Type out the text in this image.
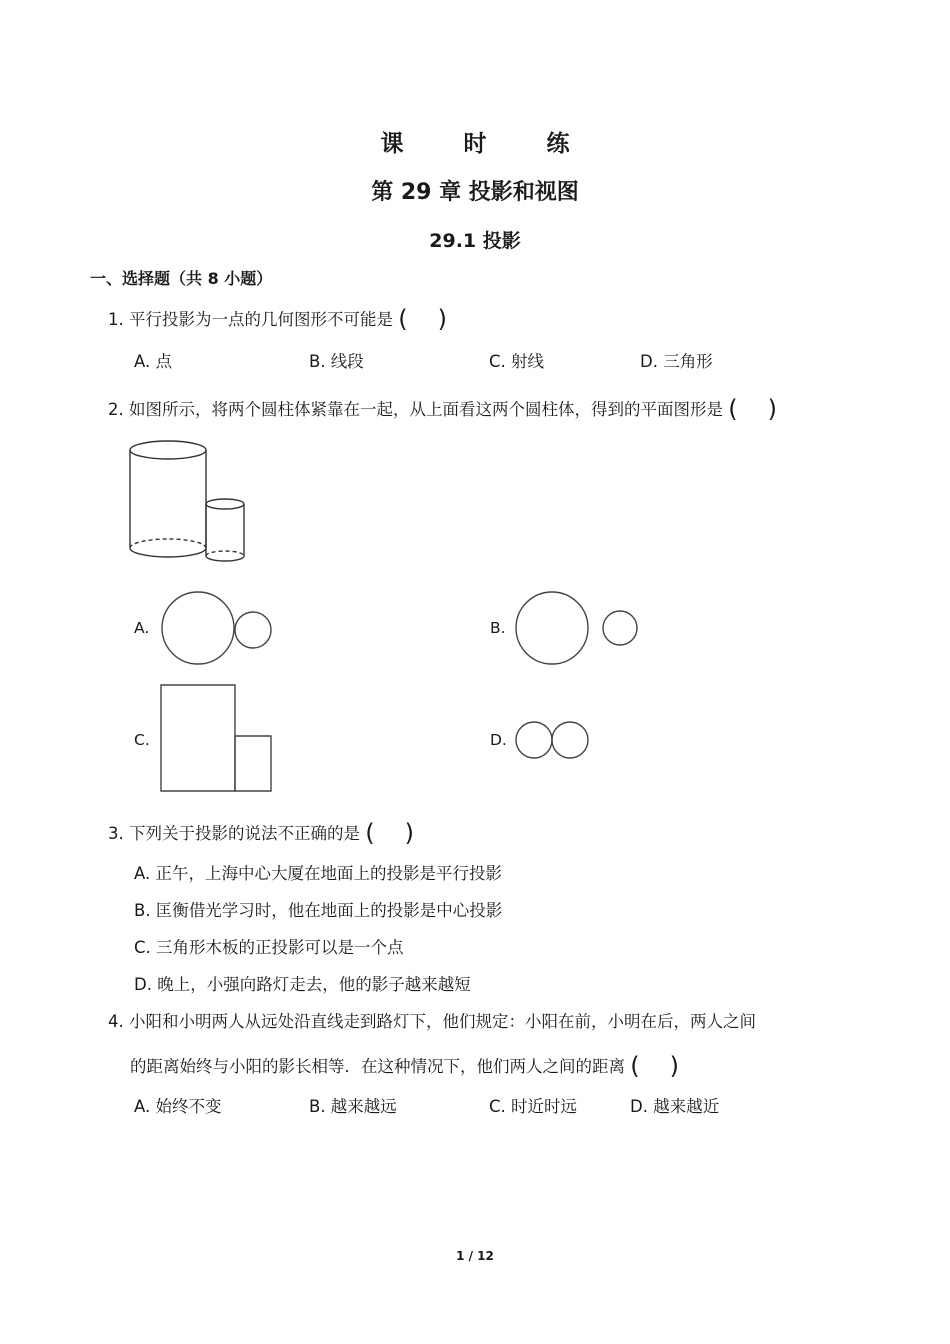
课 时 练
第 29 章 投影和视图
29.1 投影
一、选择题（共 8 小题）
1. 平行投影为一点的几何图形不可能是 ( )
A. 点	B. 线段	C. 射线	D. 三角形
2. 如图所示，将两个圆柱体紧靠在一起，从上面看这两个圆柱体，得到的平面图形是 ( )
A.	B.
C.	D.
3. 下列关于投影的说法不正确的是 ( )
A. 正午，上海中心大厦在地面上的投影是平行投影
B. 匡衡借光学习时，他在地面上的投影是中心投影
C. 三角形木板的正投影可以是一个点
D. 晚上，小强向路灯走去，他的影子越来越短
4. 小阳和小明两人从远处沿直线走到路灯下，他们规定：小阳在前，小明在后，两人之间
的距离始终与小阳的影长相等．在这种情况下，他们两人之间的距离 ( )
A. 始终不变	B. 越来越远	C. 时近时远	D. 越来越近
1 / 12
